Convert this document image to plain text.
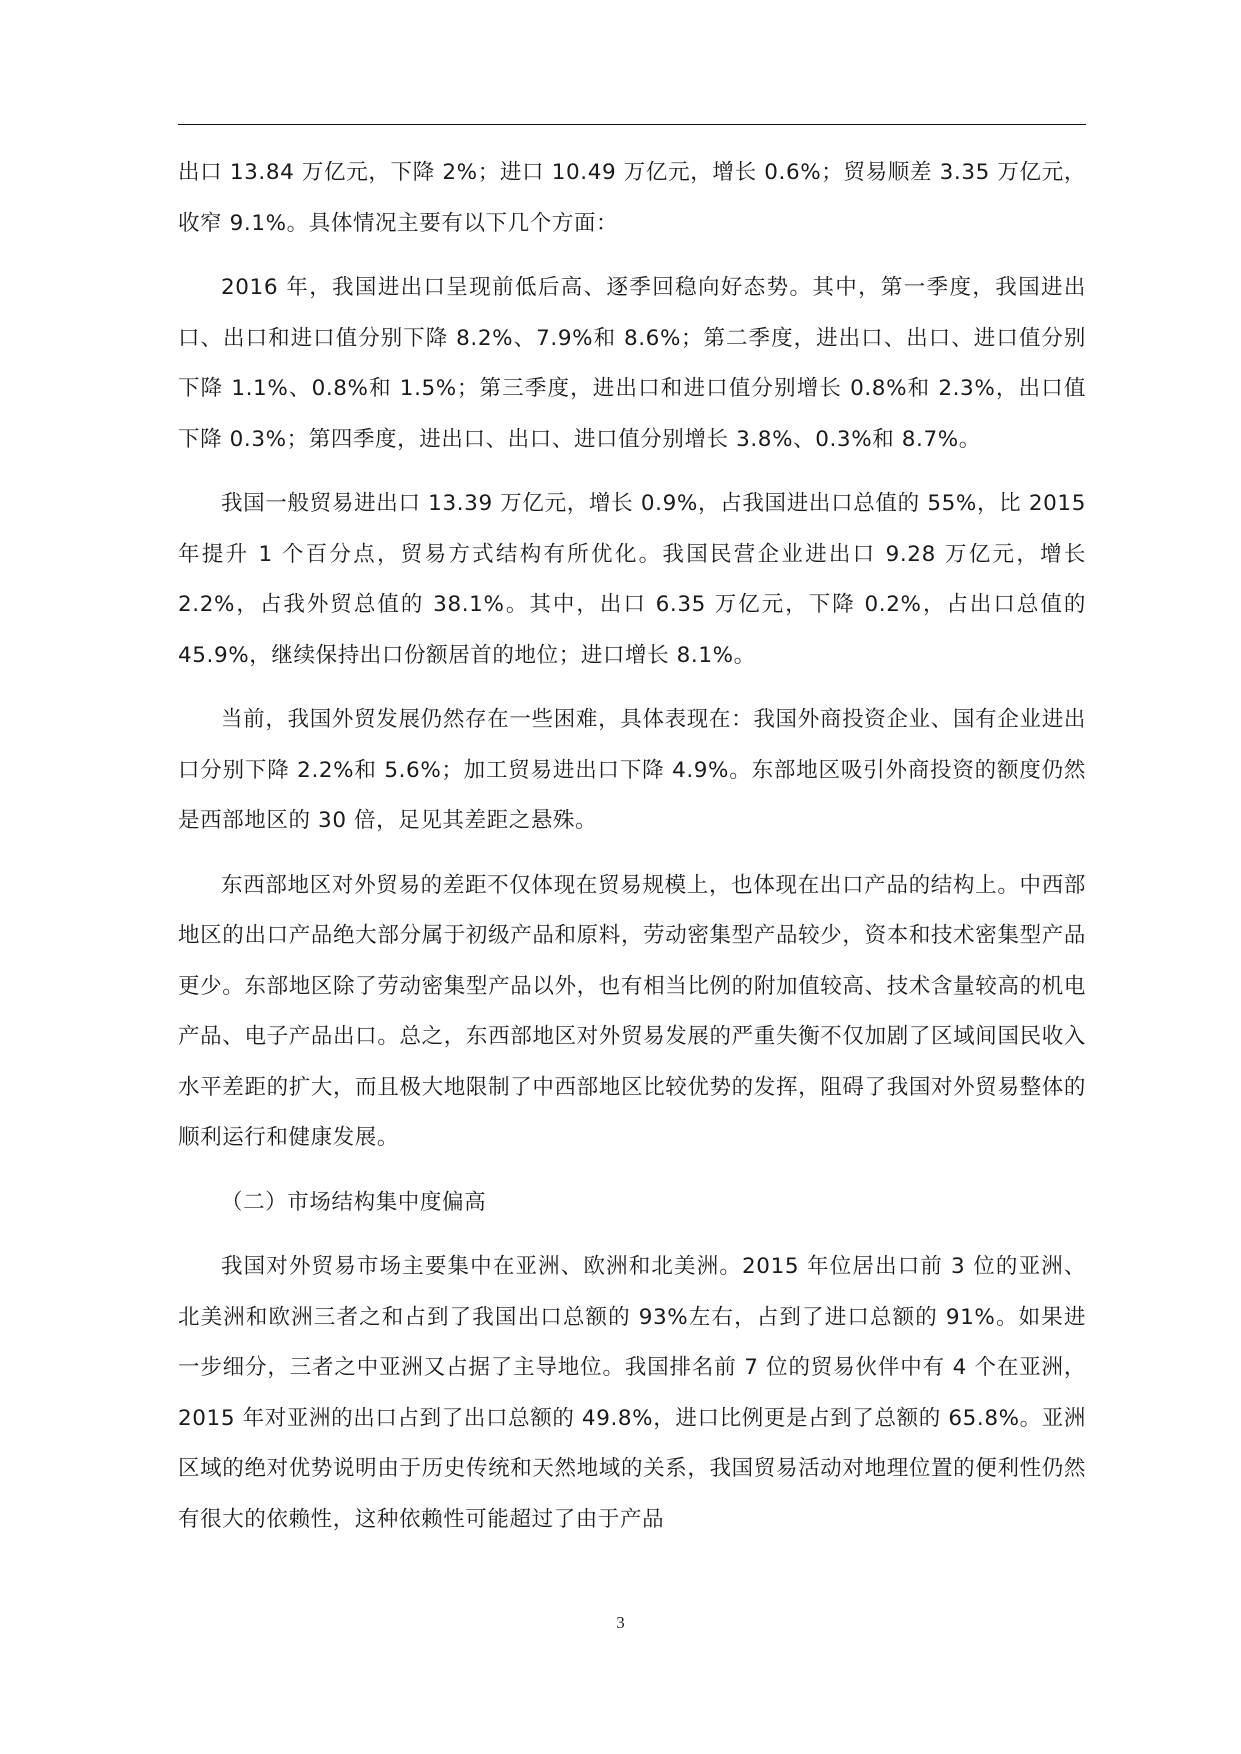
出口 13.84 万亿元，下降 2%；进口 10.49 万亿元，增长 0.6%；贸易顺差 3.35 万亿元，收窄 9.1%。具体情况主要有以下几个方面：

2016 年，我国进出口呈现前低后高、逐季回稳向好态势。其中，第一季度，我国进出口、出口和进口值分别下降 8.2%、7.9%和 8.6%；第二季度，进出口、出口、进口值分别下降 1.1%、0.8%和 1.5%；第三季度，进出口和进口值分别增长 0.8%和 2.3%，出口值下降 0.3%；第四季度，进出口、出口、进口值分别增长 3.8%、0.3%和 8.7%。

我国一般贸易进出口 13.39 万亿元，增长 0.9%，占我国进出口总值的 55%，比 2015 年提升 1 个百分点，贸易方式结构有所优化。我国民营企业进出口 9.28 万亿元，增长 2.2%，占我外贸总值的 38.1%。其中，出口 6.35 万亿元，下降 0.2%，占出口总值的 45.9%，继续保持出口份额居首的地位；进口增长 8.1%。

当前，我国外贸发展仍然存在一些困难，具体表现在：我国外商投资企业、国有企业进出口分别下降 2.2%和 5.6%；加工贸易进出口下降 4.9%。东部地区吸引外商投资的额度仍然是西部地区的 30 倍，足见其差距之悬殊。

东西部地区对外贸易的差距不仅体现在贸易规模上，也体现在出口产品的结构上。中西部地区的出口产品绝大部分属于初级产品和原料，劳动密集型产品较少，资本和技术密集型产品更少。东部地区除了劳动密集型产品以外，也有相当比例的附加值较高、技术含量较高的机电产品、电子产品出口。总之，东西部地区对外贸易发展的严重失衡不仅加剧了区域间国民收入水平差距的扩大，而且极大地限制了中西部地区比较优势的发挥，阻碍了我国对外贸易整体的顺利运行和健康发展。

（二）市场结构集中度偏高

我国对外贸易市场主要集中在亚洲、欧洲和北美洲。2015 年位居出口前 3 位的亚洲、北美洲和欧洲三者之和占到了我国出口总额的 93%左右，占到了进口总额的 91%。如果进一步细分，三者之中亚洲又占据了主导地位。我国排名前 7 位的贸易伙伴中有 4 个在亚洲，2015 年对亚洲的出口占到了出口总额的 49.8%，进口比例更是占到了总额的 65.8%。亚洲区域的绝对优势说明由于历史传统和天然地域的关系，我国贸易活动对地理位置的便利性仍然有很大的依赖性，这种依赖性可能超过了由于产品

3
